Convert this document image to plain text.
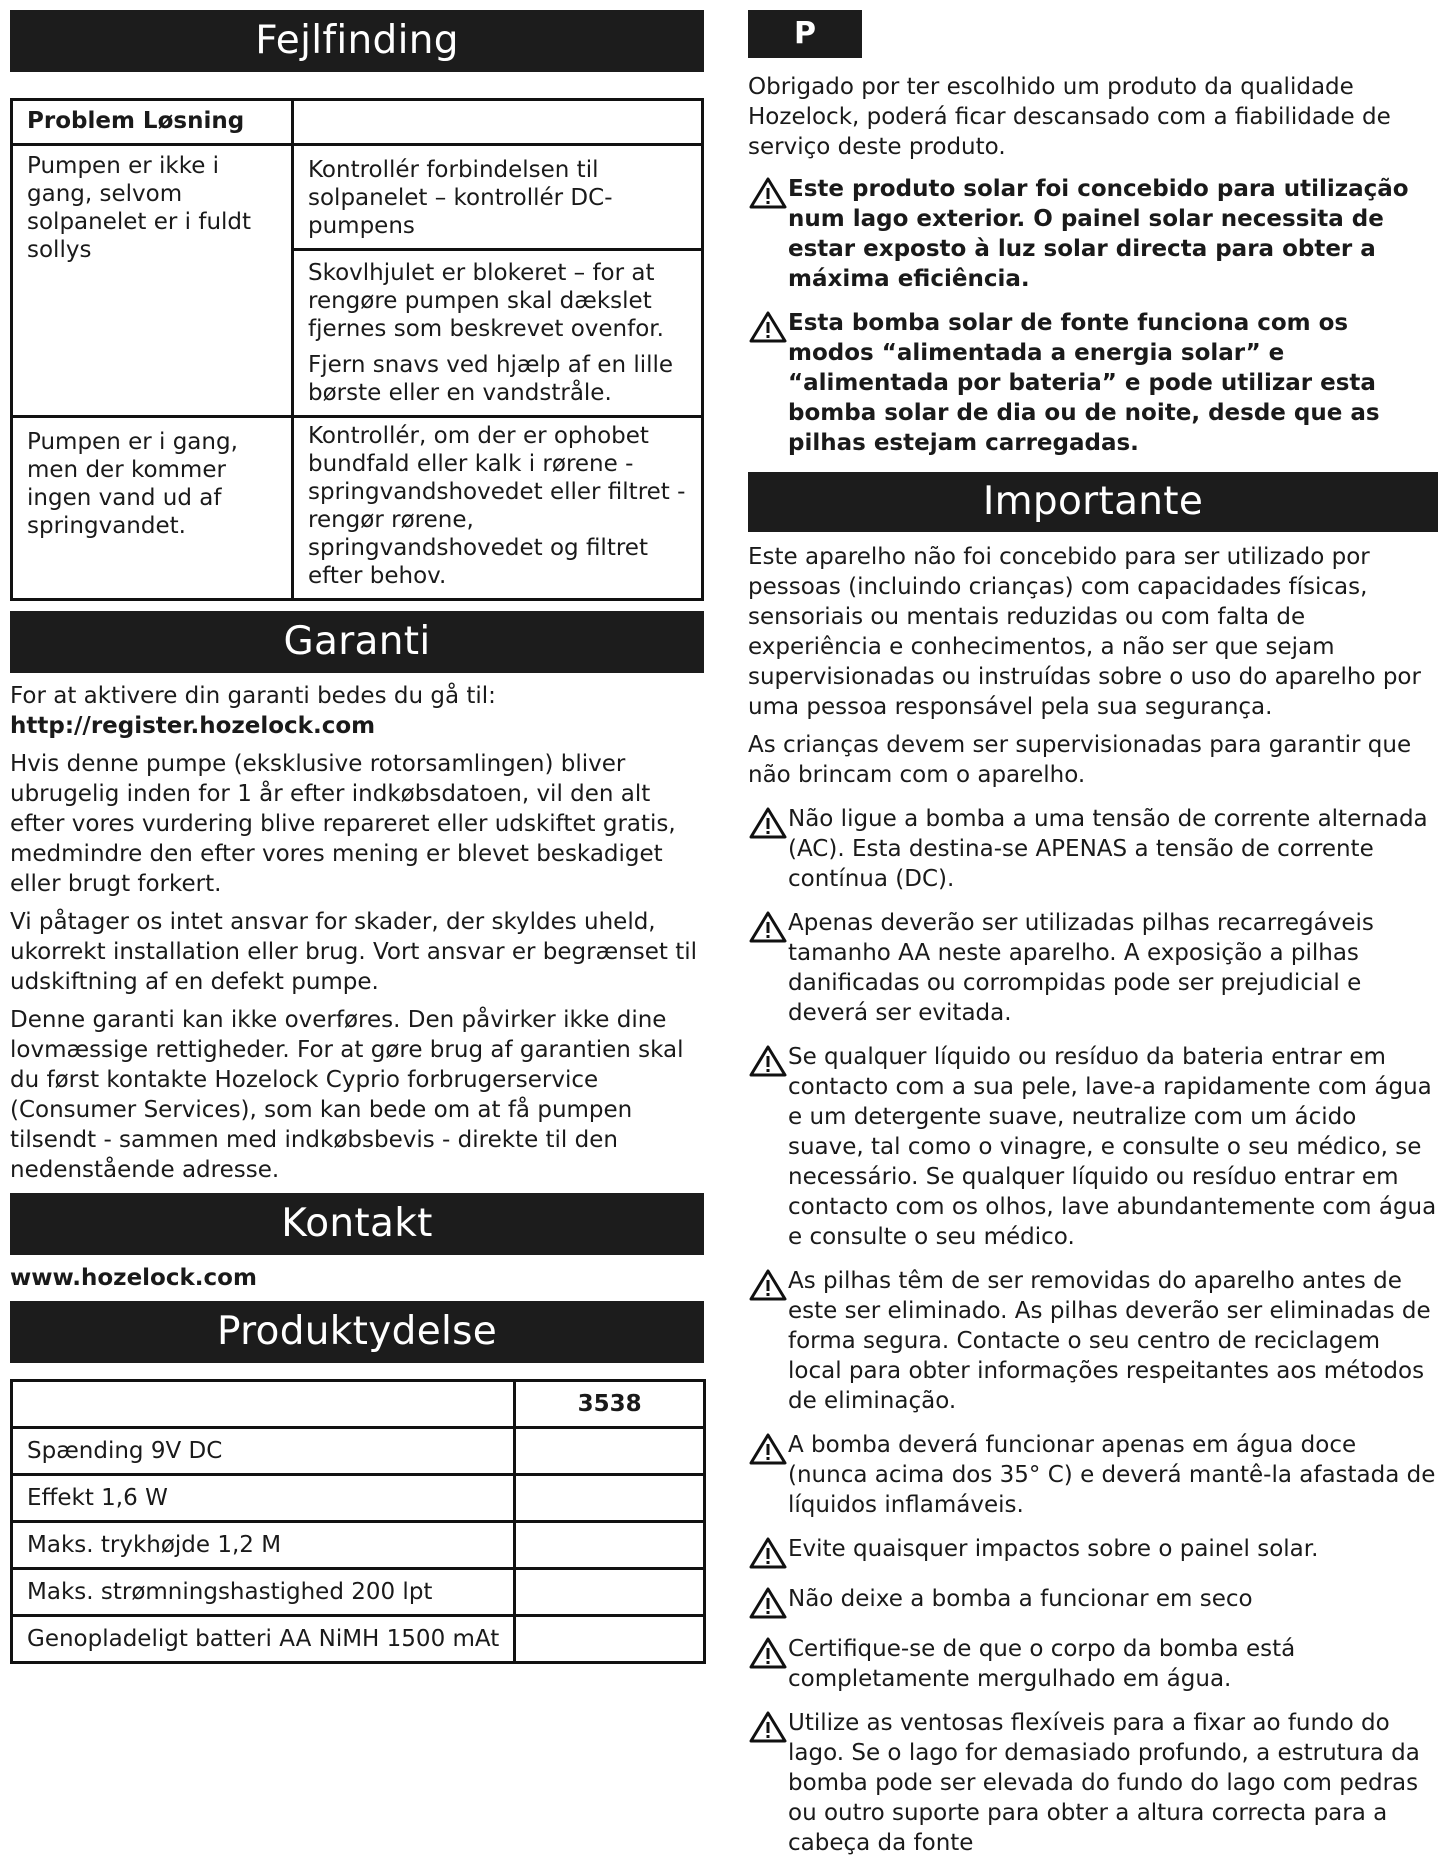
Fejlfinding
Problem Løsning	
Pumpen er ikke i gang, selvom solpanelet er i fuldt sollys	Kontrollér forbindelsen til solpanelet – kontrollér DC-pumpens
Skovlhjulet er blokeret – for at rengøre pumpen skal dækslet fjernes som beskrevet ovenfor.
Fjern snavs ved hjælp af en lille børste eller en vandstråle.

Pumpen er i gang, men der kommer ingen vand ud af springvandet.	Kontrollér, om der er ophobet bundfald eller kalk i rørene - springvandshovedet eller filtret - rengør rørene, springvandshovedet og filtret efter behov.
Garanti

For at aktivere din garanti bedes du gå til:

http://register.hozelock.com

Hvis denne pumpe (eksklusive rotorsamlingen) bliver ubrugelig inden for 1 år efter indkøbsdatoen, vil den alt efter vores vurdering blive repareret eller udskiftet gratis, medmindre den efter vores mening er blevet beskadiget eller brugt forkert.

Vi påtager os intet ansvar for skader, der skyldes uheld, ukorrekt installation eller brug. Vort ansvar er begrænset til udskiftning af en defekt pumpe.

Denne garanti kan ikke overføres. Den påvirker ikke dine lovmæssige rettigheder. For at gøre brug af garantien skal du først kontakte Hozelock Cyprio forbrugerservice (Consumer Services), som kan bede om at få pumpen tilsendt - sammen med indkøbsbevis - direkte til den nedenstående adresse.

Kontakt

www.hozelock.com

Produktydelse
	3538
Spænding 9V DC	
Effekt 1,6 W	
Maks. trykhøjde 1,2 M	
Maks. strømningshastighed 200 lpt	
Genopladeligt batteri AA NiMH 1500 mAt	
P

Obrigado por ter escolhido um produto da qualidade Hozelock, poderá ficar descansado com a fiabilidade de serviço deste produto.

Este produto solar foi concebido para utilização num lago exterior. O painel solar necessita de estar exposto à luz solar directa para obter a máxima eficiência.
Esta bomba solar de fonte funciona com os modos “alimentada a energia solar” e “alimentada por bateria” e pode utilizar esta bomba solar de dia ou de noite, desde que as pilhas estejam carregadas.
Importante

Este aparelho não foi concebido para ser utilizado por pessoas (incluindo crianças) com capacidades físicas, sensoriais ou mentais reduzidas ou com falta de experiência e conhecimentos, a não ser que sejam supervisionadas ou instruídas sobre o uso do aparelho por uma pessoa responsável pela sua segurança.

As crianças devem ser supervisionadas para garantir que não brincam com o aparelho.

Não ligue a bomba a uma tensão de corrente alternada (AC). Esta destina-se APENAS a tensão de corrente contínua (DC).
Apenas deverão ser utilizadas pilhas recarregáveis tamanho AA neste aparelho. A exposição a pilhas danificadas ou corrompidas pode ser prejudicial e deverá ser evitada.
Se qualquer líquido ou resíduo da bateria entrar em contacto com a sua pele, lave-a rapidamente com água e um detergente suave, neutralize com um ácido suave, tal como o vinagre, e consulte o seu médico, se necessário. Se qualquer líquido ou resíduo entrar em contacto com os olhos, lave abundantemente com água e consulte o seu médico.
As pilhas têm de ser removidas do aparelho antes de este ser eliminado. As pilhas deverão ser eliminadas de forma segura. Contacte o seu centro de reciclagem local para obter informações respeitantes aos métodos de eliminação.
A bomba deverá funcionar apenas em água doce (nunca acima dos 35° C) e deverá mantê-la afastada de líquidos inflamáveis.
Evite quaisquer impactos sobre o painel solar.
Não deixe a bomba a funcionar em seco
Certifique-se de que o corpo da bomba está completamente mergulhado em água.
Utilize as ventosas flexíveis para a fixar ao fundo do lago. Se o lago for demasiado profundo, a estrutura da bomba pode ser elevada do fundo do lago com pedras ou outro suporte para obter a altura correcta para a cabeça da fonte
